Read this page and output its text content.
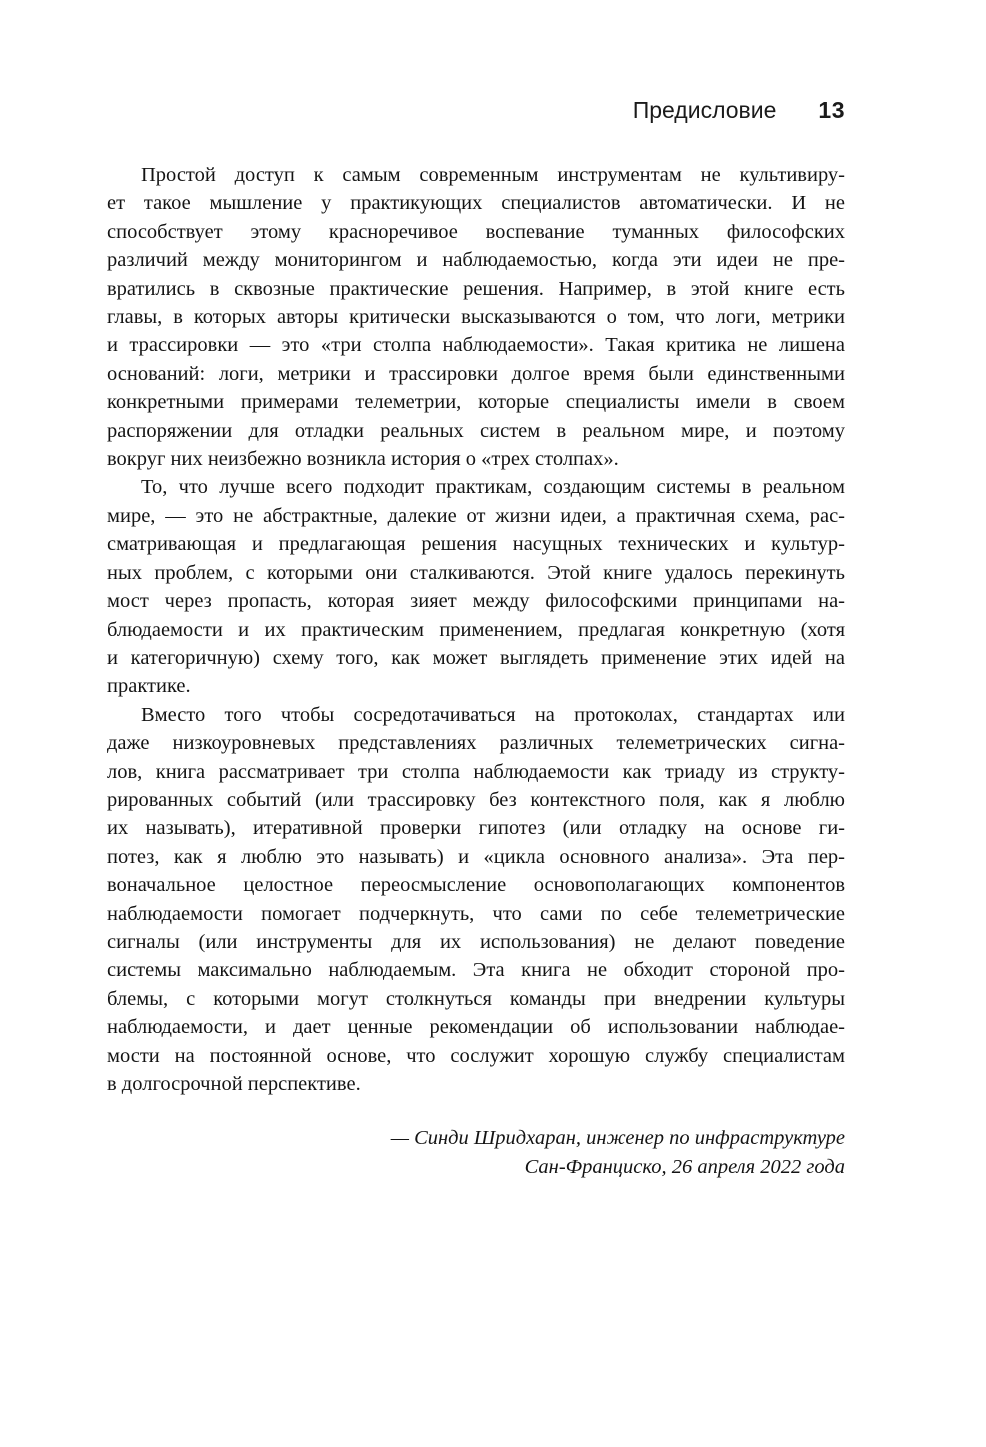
Предисловие 13
Простой доступ к самым современным инструментам не культивиру-
ет такое мышление у практикующих специалистов автоматически. И не
способствует этому красноречивое воспевание туманных философских
различий между мониторингом и наблюдаемостью, когда эти идеи не пре-
вратились в сквозные практические решения. Например, в этой книге есть
главы, в которых авторы критически высказываются о том, что логи, метрики
и трассировки — это «три столпа наблюдаемости». Такая критика не лишена
оснований: логи, метрики и трассировки долгое время были единственными
конкретными примерами телеметрии, которые специалисты имели в своем
распоряжении для отладки реальных систем в реальном мире, и поэтому
вокруг них неизбежно возникла история о «трех столпах».
То, что лучше всего подходит практикам, создающим системы в реальном
мире, — это не абстрактные, далекие от жизни идеи, а практичная схема, рас-
сматривающая и предлагающая решения насущных технических и культур-
ных проблем, с которыми они сталкиваются. Этой книге удалось перекинуть
мост через пропасть, которая зияет между философскими принципами на-
блюдаемости и их практическим применением, предлагая конкретную (хотя
и категоричную) схему того, как может выглядеть применение этих идей на
практике.
Вместо того чтобы сосредотачиваться на протоколах, стандартах или
даже низкоуровневых представлениях различных телеметрических сигна-
лов, книга рассматривает три столпа наблюдаемости как триаду из структу-
рированных событий (или трассировку без контекстного поля, как я люблю
их называть), итеративной проверки гипотез (или отладку на основе ги-
потез, как я люблю это называть) и «цикла основного анализа». Эта пер-
воначальное целостное переосмысление основополагающих компонентов
наблюдаемости помогает подчеркнуть, что сами по себе телеметрические
сигналы (или инструменты для их использования) не делают поведение
системы максимально наблюдаемым. Эта книга не обходит стороной про-
блемы, с которыми могут столкнуться команды при внедрении культуры
наблюдаемости, и дает ценные рекомендации об использовании наблюдае-
мости на постоянной основе, что сослужит хорошую службу специалистам
в долгосрочной перспективе.
— Синди Шридхаран, инженер по инфраструктуре
Сан-Франциско, 26 апреля 2022 года
